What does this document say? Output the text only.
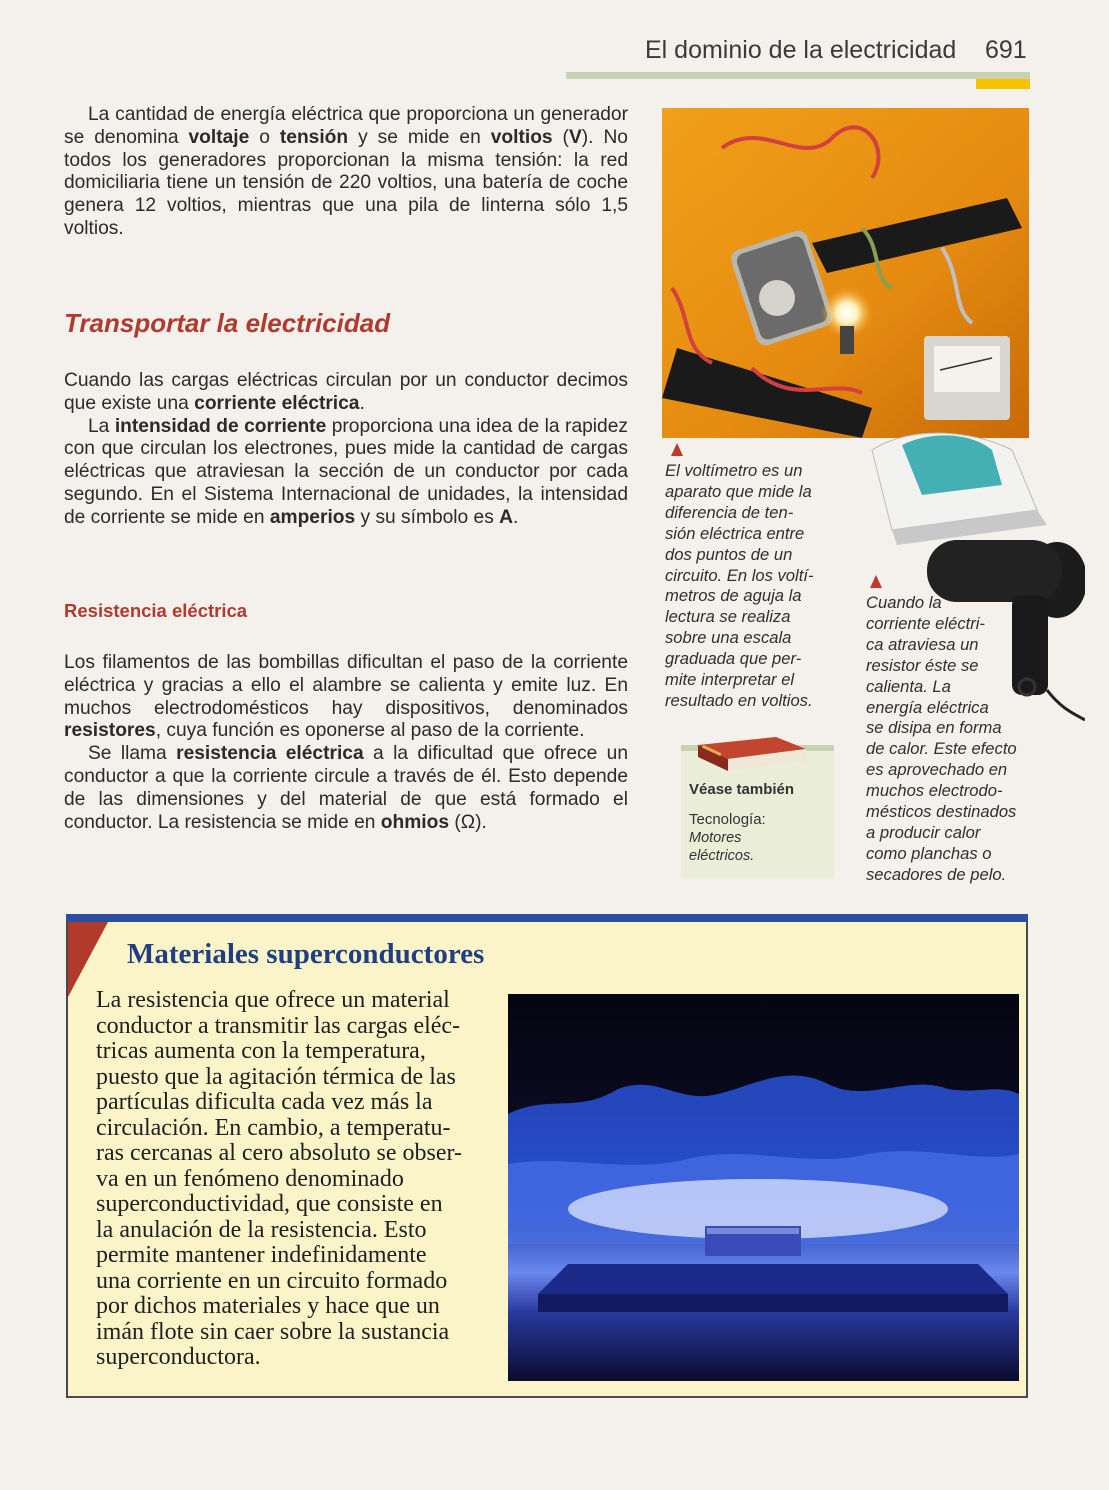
El dominio de la electricidad 691

La cantidad de energía eléctrica que proporciona un generador se denomina voltaje o tensión y se mide en voltios (V). No todos los generadores proporcionan la misma tensión: la red domiciliaria tiene un tensión de 220 voltios, una batería de coche genera 12 voltios, mientras que una pila de linterna sólo 1,5 voltios.

Transportar la electricidad

Cuando las cargas eléctricas circulan por un conductor decimos que existe una corriente eléctrica.

La intensidad de corriente proporciona una idea de la rapidez con que circulan los electrones, pues mide la cantidad de cargas eléctricas que atraviesan la sección de un conductor por cada segundo. En el Sistema Internacional de unidades, la intensidad de corriente se mide en amperios y su símbolo es A.

Resistencia eléctrica

Los filamentos de las bombillas dificultan el paso de la corriente eléctrica y gracias a ello el alambre se calienta y emite luz. En muchos electrodomésticos hay dispositivos, denominados resistores, cuya función es oponerse al paso de la corriente.

Se llama resistencia eléctrica a la dificultad que ofrece un conductor a que la corriente circule a través de él. Esto depende de las dimensiones y del material de que está formado el conductor. La resistencia se mide en ohmios (Ω).

El voltímetro es un

aparato que mide la

diferencia de ten-

sión eléctrica entre

dos puntos de un

circuito. En los voltí-

metros de aguja la

lectura se realiza

sobre una escala

graduada que per-

mite interpretar el

resultado en voltios.

Cuando la

corriente eléctri-

ca atraviesa un

resistor éste se

calienta. La

energía eléctrica

se disipa en forma

de calor. Este efecto

es aprovechado en

muchos electrodo-

mésticos destinados

a producir calor

como planchas o

secadores de pelo.

Véase también
Tecnología:
Motores
eléctricos.
Materiales superconductores
La resistencia que ofrece un material
conductor a transmitir las cargas eléc-
tricas aumenta con la temperatura,
puesto que la agitación térmica de las
partículas dificulta cada vez más la
circulación. En cambio, a temperatu-
ras cercanas al cero absoluto se obser-
va en un fenómeno denominado
superconductividad, que consiste en
la anulación de la resistencia. Esto
permite mantener indefinidamente
una corriente en un circuito formado
por dichos materiales y hace que un
imán flote sin caer sobre la sustancia
superconductora.
